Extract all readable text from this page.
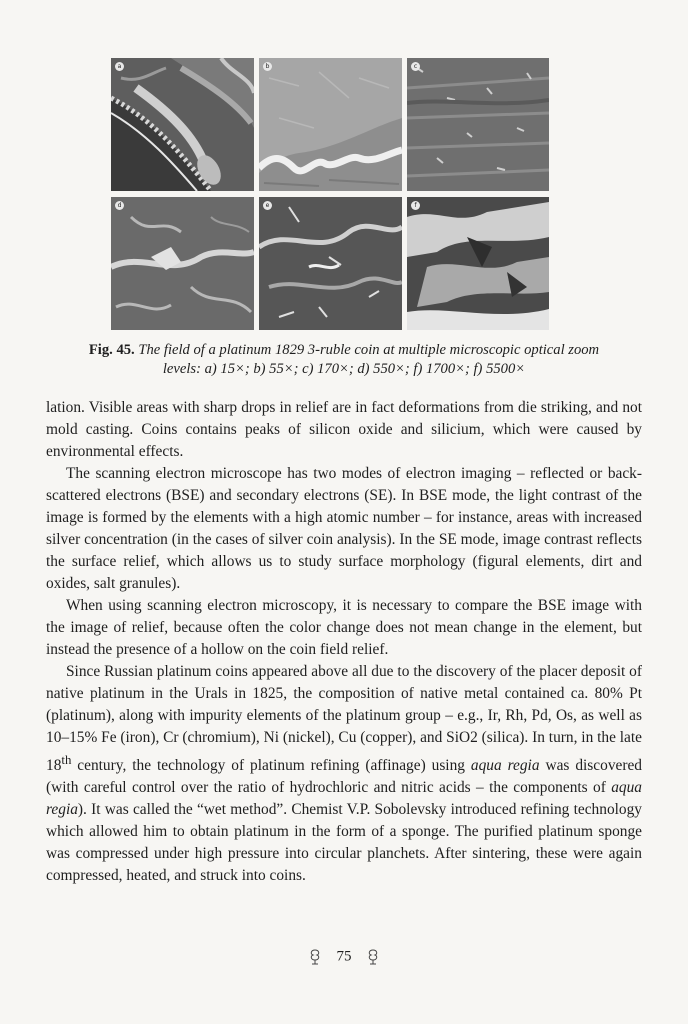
a	b	c
d	e	f
Fig. 45. The field of a platinum 1829 3-ruble coin at multiple microscopic optical zoom
levels: a) 15×; b) 55×; c) 170×; d) 550×; f) 1700×; f) 5500×

lation. Visible areas with sharp drops in relief are in fact deformations from die striking, and not mold casting. Coins contains peaks of silicon oxide and silicium, which were caused by environmental effects.

The scanning electron microscope has two modes of electron imaging – reflected or back-scattered electrons (BSE) and secondary electrons (SE). In BSE mode, the light contrast of the image is formed by the elements with a high atomic number – for instance, areas with increased silver concentration (in the cases of silver coin analysis). In the SE mode, image contrast reflects the surface relief, which allows us to study surface morphology (figural elements, dirt and oxides, salt granules).

When using scanning electron microscopy, it is necessary to compare the BSE image with the image of relief, because often the color change does not mean change in the element, but instead the presence of a hollow on the coin field relief.

Since Russian platinum coins appeared above all due to the discovery of the placer deposit of native platinum in the Urals in 1825, the composition of native metal contained ca. 80% Pt (platinum), along with impurity elements of the platinum group – e.g., Ir, Rh, Pd, Os, as well as 10–15% Fe (iron), Cr (chromium), Ni (nickel), Cu (copper), and SiO2 (silica). In turn, in the late 18th century, the technology of platinum refining (affinage) using aqua regia was discovered (with careful control over the ratio of hydrochloric and nitric acids – the components of aqua regia). It was called the “wet method”. Chemist V.P. Sobolevsky introduced refining technology which allowed him to obtain platinum in the form of a sponge. The purified platinum sponge was compressed under high pressure into circular planchets. After sintering, these were again compressed, heated, and struck into coins.

75
